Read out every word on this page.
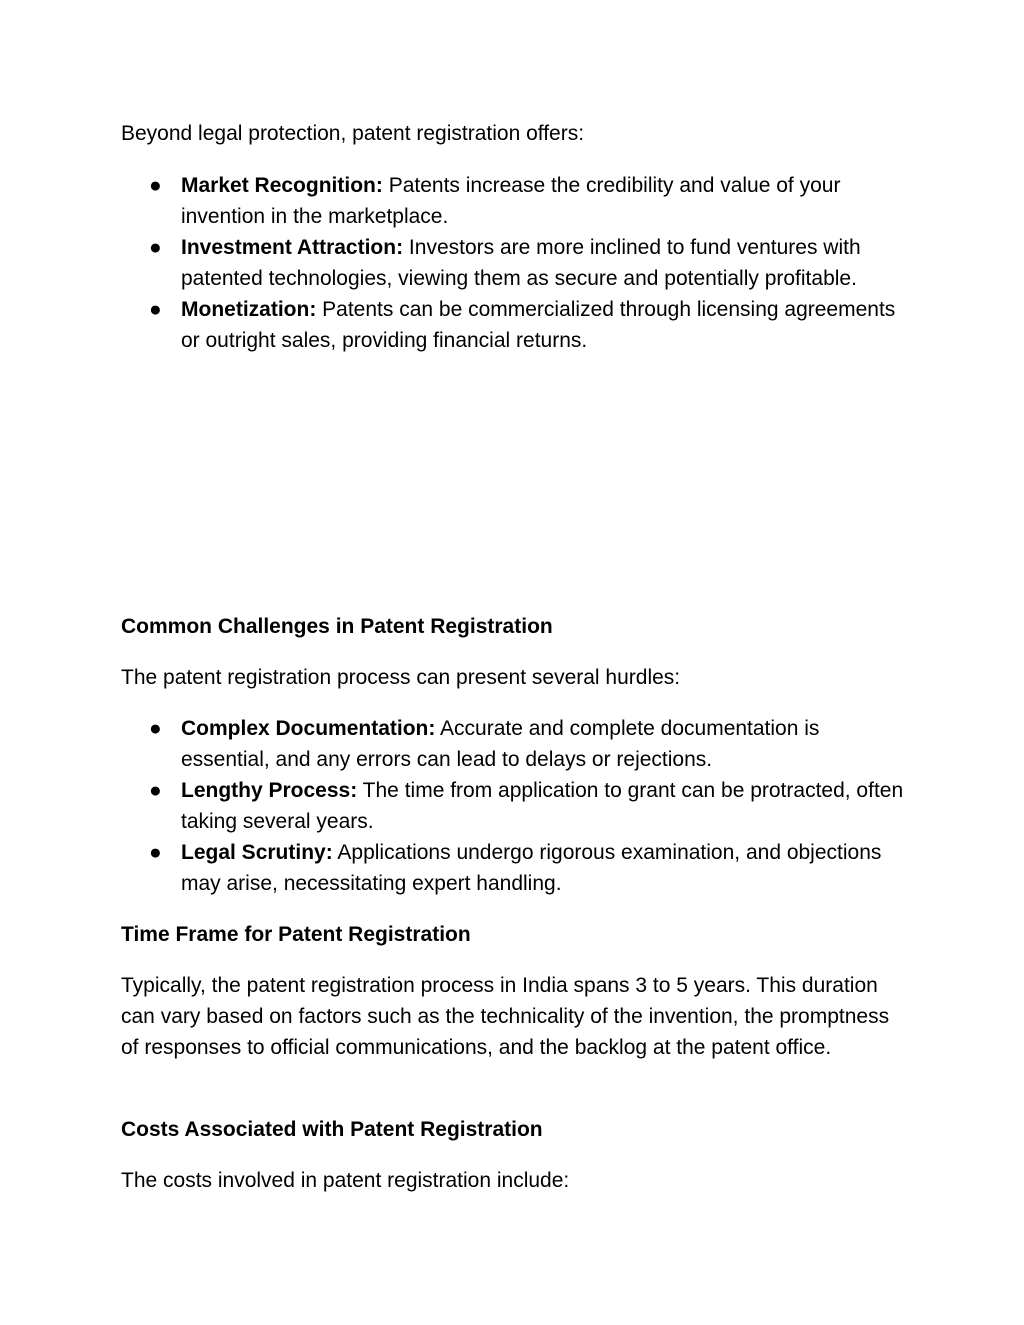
Beyond legal protection, patent registration offers:

● Market Recognition: Patents increase the credibility and value of your invention in the marketplace.
● Investment Attraction: Investors are more inclined to fund ventures with patented technologies, viewing them as secure and potentially profitable.
● Monetization: Patents can be commercialized through licensing agreements or outright sales, providing financial returns.
Common Challenges in Patent Registration

The patent registration process can present several hurdles:

● Complex Documentation: Accurate and complete documentation is essential, and any errors can lead to delays or rejections.
● Lengthy Process: The time from application to grant can be protracted, often taking several years.
● Legal Scrutiny: Applications undergo rigorous examination, and objections may arise, necessitating expert handling.
Time Frame for Patent Registration

Typically, the patent registration process in India spans 3 to 5 years. This duration can vary based on factors such as the technicality of the invention, the promptness of responses to official communications, and the backlog at the patent office.

Costs Associated with Patent Registration

The costs involved in patent registration include:
